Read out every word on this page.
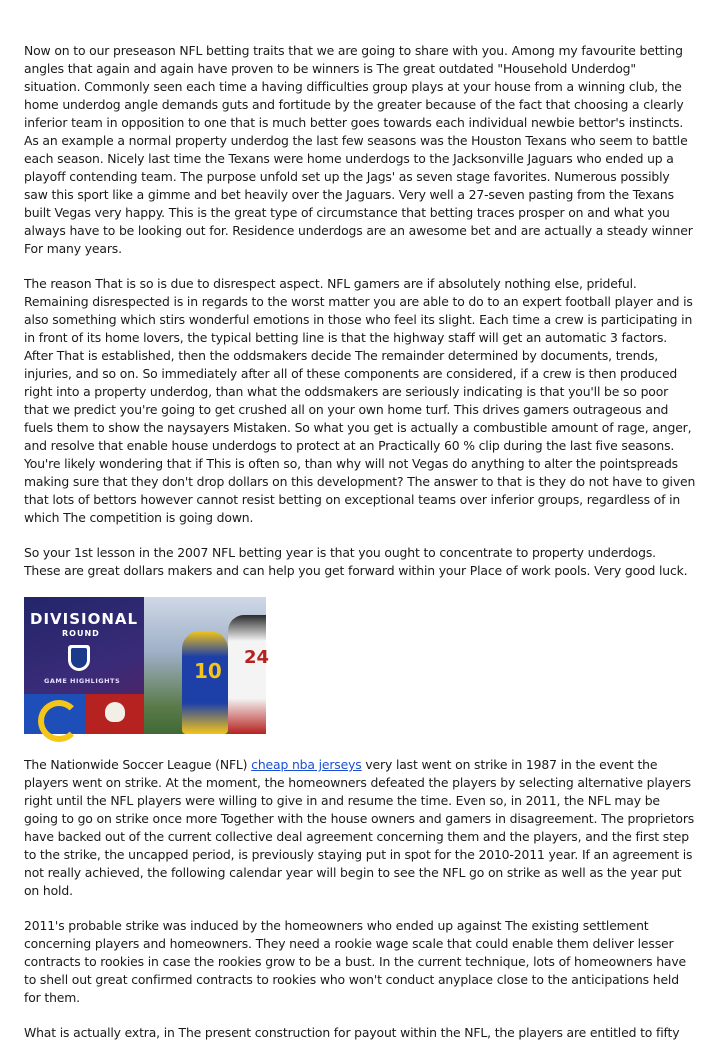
Now on to our preseason NFL betting traits that we are going to share with you. Among my favourite betting angles that again and again have proven to be winners is The great outdated "Household Underdog" situation. Commonly seen each time a having difficulties group plays at your house from a winning club, the home underdog angle demands guts and fortitude by the greater because of the fact that choosing a clearly inferior team in opposition to one that is much better goes towards each individual newbie bettor's instincts. As an example a normal property underdog the last few seasons was the Houston Texans who seem to battle each season. Nicely last time the Texans were home underdogs to the Jacksonville Jaguars who ended up a playoff contending team. The purpose unfold set up the Jags' as seven stage favorites. Numerous possibly saw this sport like a gimme and bet heavily over the Jaguars. Very well a 27-seven pasting from the Texans built Vegas very happy. This is the great type of circumstance that betting traces prosper on and what you always have to be looking out for. Residence underdogs are an awesome bet and are actually a steady winner For many years.

The reason That is so is due to disrespect aspect. NFL gamers are if absolutely nothing else, prideful. Remaining disrespected is in regards to the worst matter you are able to do to an expert football player and is also something which stirs wonderful emotions in those who feel its slight. Each time a crew is participating in in front of its home lovers, the typical betting line is that the highway staff will get an automatic 3 factors. After That is established, then the oddsmakers decide The remainder determined by documents, trends, injuries, and so on. So immediately after all of these components are considered, if a crew is then produced right into a property underdog, than what the oddsmakers are seriously indicating is that you'll be so poor that we predict you're going to get crushed all on your own home turf. This drives gamers outrageous and fuels them to show the naysayers Mistaken. So what you get is actually a combustible amount of rage, anger, and resolve that enable house underdogs to protect at an Practically 60 % clip during the last five seasons. You're likely wondering that if This is often so, than why will not Vegas do anything to alter the pointspreads making sure that they don't drop dollars on this development? The answer to that is they do not have to given that lots of bettors however cannot resist betting on exceptional teams over inferior groups, regardless of in which The competition is going down.

So your 1st lesson in the 2007 NFL betting year is that you ought to concentrate to property underdogs. These are great dollars makers and can help you get forward within your Place of work pools. Very good luck.

DIVISIONAL
ROUND
GAME HIGHLIGHTS	10
24

The Nationwide Soccer League (NFL) cheap nba jerseys very last went on strike in 1987 in the event the players went on strike. At the moment, the homeowners defeated the players by selecting alternative players right until the NFL players were willing to give in and resume the time. Even so, in 2011, the NFL may be going to go on strike once more Together with the house owners and gamers in disagreement. The proprietors have backed out of the current collective deal agreement concerning them and the players, and the first step to the strike, the uncapped period, is previously staying put in spot for the 2010-2011 year. If an agreement is not really achieved, the following calendar year will begin to see the NFL go on strike as well as the year put on hold.

2011's probable strike was induced by the homeowners who ended up against The existing settlement concerning players and homeowners. They need a rookie wage scale that could enable them deliver lesser contracts to rookies in case the rookies grow to be a bust. In the current technique, lots of homeowners have to shell out great confirmed contracts to rookies who won't conduct anyplace close to the anticipations held for them.

What is actually extra, in The present construction for payout within the NFL, the players are entitled to fifty
